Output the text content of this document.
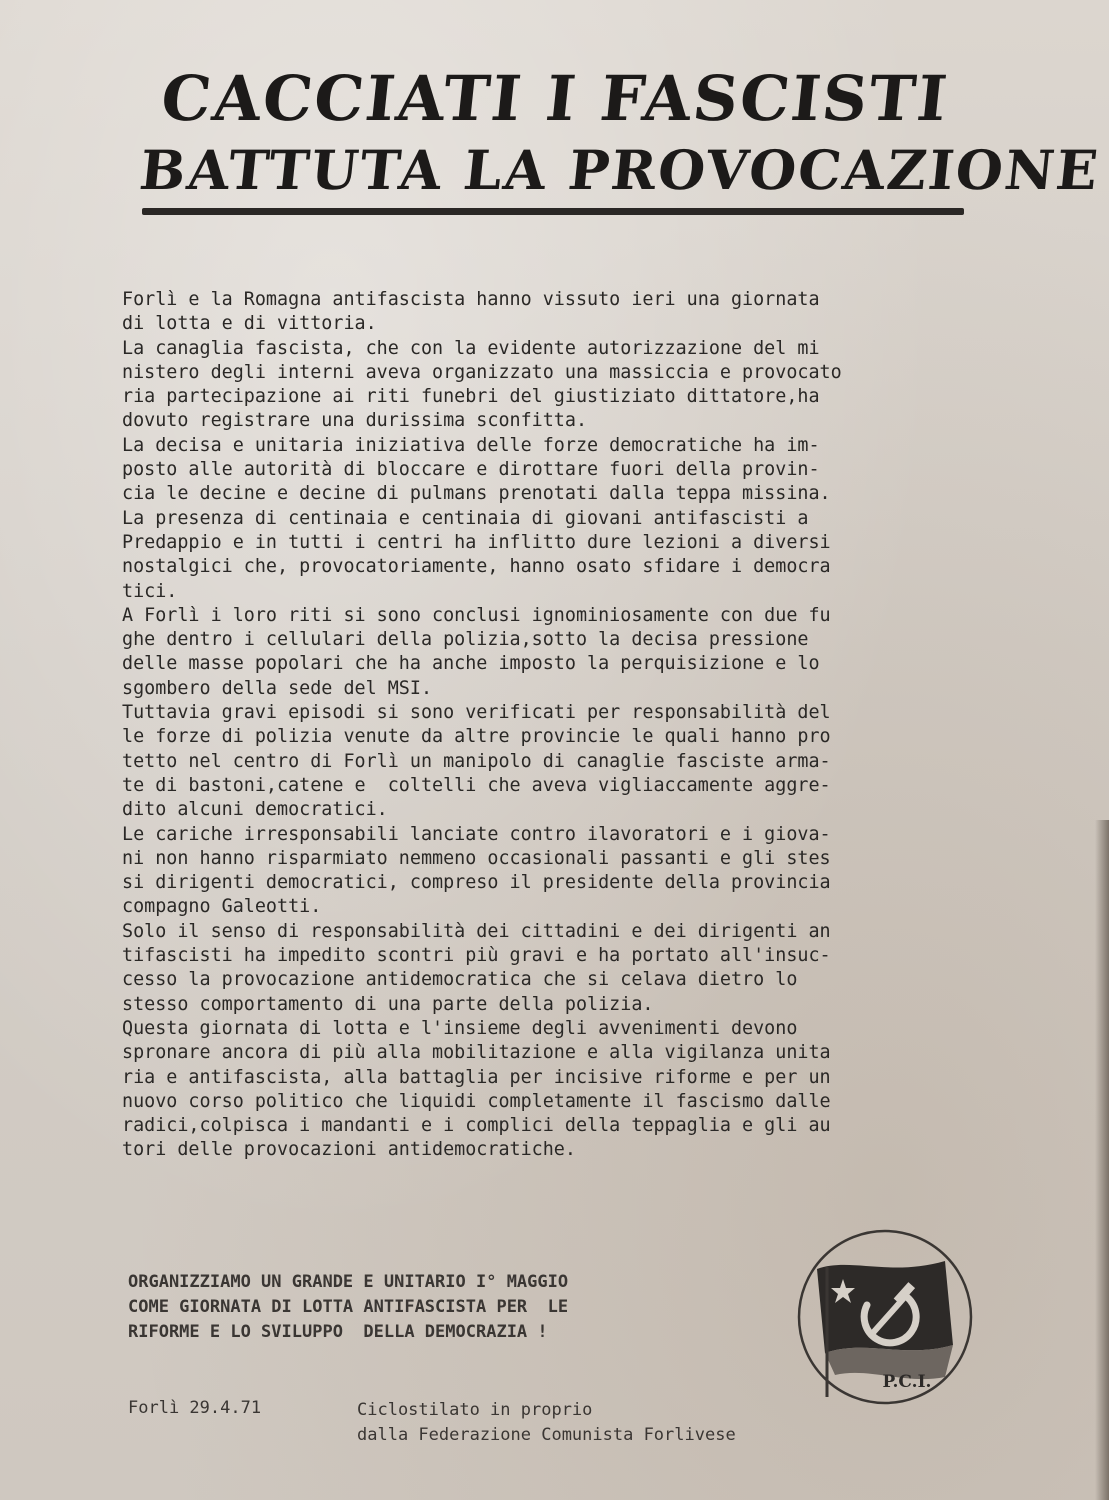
CACCIATI I FASCISTI
BATTUTA LA PROVOCAZIONE
Forlì e la Romagna antifascista hanno vissuto ieri una giornata
di lotta e di vittoria.
La canaglia fascista, che con la evidente autorizzazione del mi
nistero degli interni aveva organizzato una massiccia e provocato
ria partecipazione ai riti funebri del giustiziato dittatore,ha
dovuto registrare una durissima sconfitta.
La decisa e unitaria iniziativa delle forze democratiche ha im-
posto alle autorità di bloccare e dirottare fuori della provin-
cia le decine e decine di pulmans prenotati dalla teppa missina.
La presenza di centinaia e centinaia di giovani antifascisti a
Predappio e in tutti i centri ha inflitto dure lezioni a diversi
nostalgici che, provocatoriamente, hanno osato sfidare i democra
tici.
A Forlì i loro riti si sono conclusi ignominiosamente con due fu
ghe dentro i cellulari della polizia,sotto la decisa pressione
delle masse popolari che ha anche imposto la perquisizione e lo
sgombero della sede del MSI.
Tuttavia gravi episodi si sono verificati per responsabilità del
le forze di polizia venute da altre provincie le quali hanno pro
tetto nel centro di Forlì un manipolo di canaglie fasciste arma-
te di bastoni,catene e  coltelli che aveva vigliaccamente aggre-
dito alcuni democratici.
Le cariche irresponsabili lanciate contro ilavoratori e i giova-
ni non hanno risparmiato nemmeno occasionali passanti e gli stes
si dirigenti democratici, compreso il presidente della provincia
compagno Galeotti.
Solo il senso di responsabilità dei cittadini e dei dirigenti an
tifascisti ha impedito scontri più gravi e ha portato all'insuc-
cesso la provocazione antidemocratica che si celava dietro lo
stesso comportamento di una parte della polizia.
Questa giornata di lotta e l'insieme degli avvenimenti devono
spronare ancora di più alla mobilitazione e alla vigilanza unita
ria e antifascista, alla battaglia per incisive riforme e per un
nuovo corso politico che liquidi completamente il fascismo dalle
radici,colpisca i mandanti e i complici della teppaglia e gli au
tori delle provocazioni antidemocratiche.
ORGANIZZIAMO UN GRANDE E UNITARIO I° MAGGIO
COME GIORNATA DI LOTTA ANTIFASCISTA PER  LE
RIFORME E LO SVILUPPO  DELLA DEMOCRAZIA !
P.C.I.
Forlì 29.4.71	Ciclostilato in proprio
dalla Federazione Comunista Forlivese
